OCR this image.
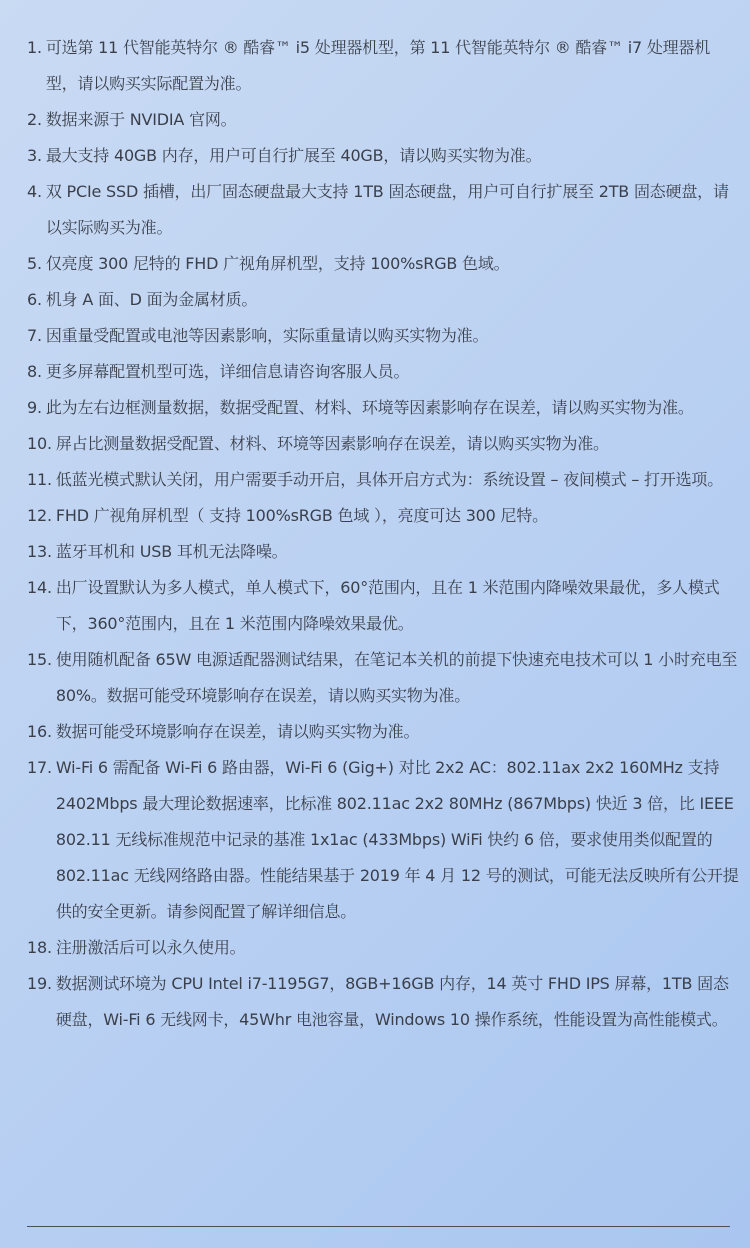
1. 可选第 11 代智能英特尔 ® 酷睿™ i5 处理器机型，第 11 代智能英特尔 ® 酷睿™ i7 处理器机型，请以购买实际配置为准。
2. 数据来源于 NVIDIA 官网。
3. 最大支持 40GB 内存，用户可自行扩展至 40GB，请以购买实物为准。
4. 双 PCIe SSD 插槽，出厂固态硬盘最大支持 1TB 固态硬盘，用户可自行扩展至 2TB 固态硬盘，请以实际购买为准。
5. 仅亮度 300 尼特的 FHD 广视角屏机型，支持 100%sRGB 色域。
6. 机身 A 面、D 面为金属材质。
7. 因重量受配置或电池等因素影响，实际重量请以购买实物为准。
8. 更多屏幕配置机型可选，详细信息请咨询客服人员。
9. 此为左右边框测量数据，数据受配置、材料、环境等因素影响存在误差，请以购买实物为准。
10. 屏占比测量数据受配置、材料、环境等因素影响存在误差，请以购买实物为准。
11. 低蓝光模式默认关闭，用户需要手动开启，具体开启方式为：系统设置 – 夜间模式 – 打开选项。
12. FHD 广视角屏机型（ 支持 100%sRGB 色域 ），亮度可达 300 尼特。
13. 蓝牙耳机和 USB 耳机无法降噪。
14. 出厂设置默认为多人模式，单人模式下，60°范围内，且在 1 米范围内降噪效果最优，多人模式下，360°范围内，且在 1 米范围内降噪效果最优。
15. 使用随机配备 65W 电源适配器测试结果，在笔记本关机的前提下快速充电技术可以 1 小时充电至 80%。数据可能受环境影响存在误差，请以购买实物为准。
16. 数据可能受环境影响存在误差，请以购买实物为准。
17. Wi-Fi 6 需配备 Wi-Fi 6 路由器，Wi-Fi 6 (Gig+) 对比 2x2 AC：802.11ax 2x2 160MHz 支持 2402Mbps 最大理论数据速率，比标准 802.11ac 2x2 80MHz (867Mbps) 快近 3 倍，比 IEEE 802.11 无线标准规范中记录的基准 1x1ac (433Mbps) WiFi 快约 6 倍，要求使用类似配置的 802.11ac 无线网络路由器。性能结果基于 2019 年 4 月 12 号的测试，可能无法反映所有公开提供的安全更新。请参阅配置了解详细信息。
18. 注册激活后可以永久使用。
19. 数据测试环境为 CPU Intel i7-1195G7，8GB+16GB 内存，14 英寸 FHD IPS 屏幕，1TB 固态硬盘，Wi-Fi 6 无线网卡，45Whr 电池容量，Windows 10 操作系统，性能设置为高性能模式。
